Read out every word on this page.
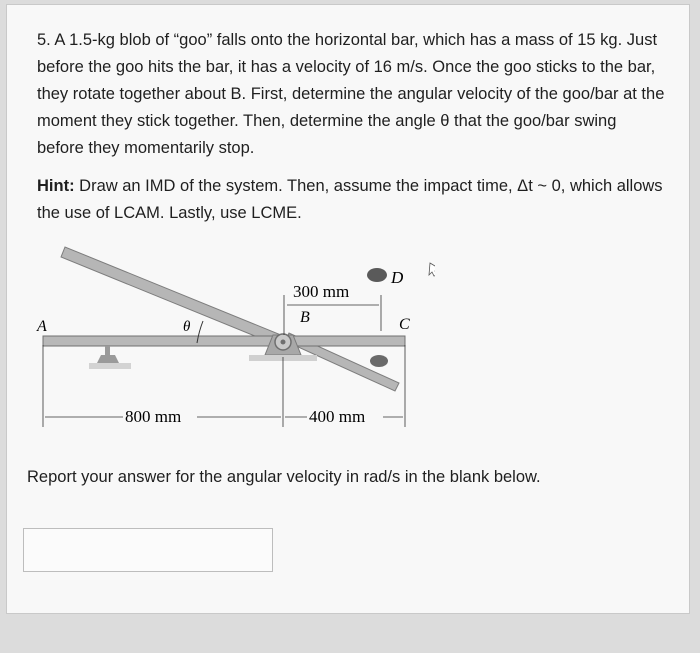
5. A 1.5-kg blob of “goo” falls onto the horizontal bar, which has a mass of 15 kg. Just before the goo hits the bar, it has a velocity of 16 m/s. Once the goo sticks to the bar, they rotate together about B. First, determine the angular velocity of the goo/bar at the moment they stick together. Then, determine the angle θ that the goo/bar swing before they momentarily stop.

Hint: Draw an IMD of the system. Then, assume the impact time, Δt ~ 0, which allows the use of LCAM. Lastly, use LCME.

A
B	C
D
θ
300 mm
800 mm	400 mm

Report your answer for the angular velocity in rad/s in the blank below.
